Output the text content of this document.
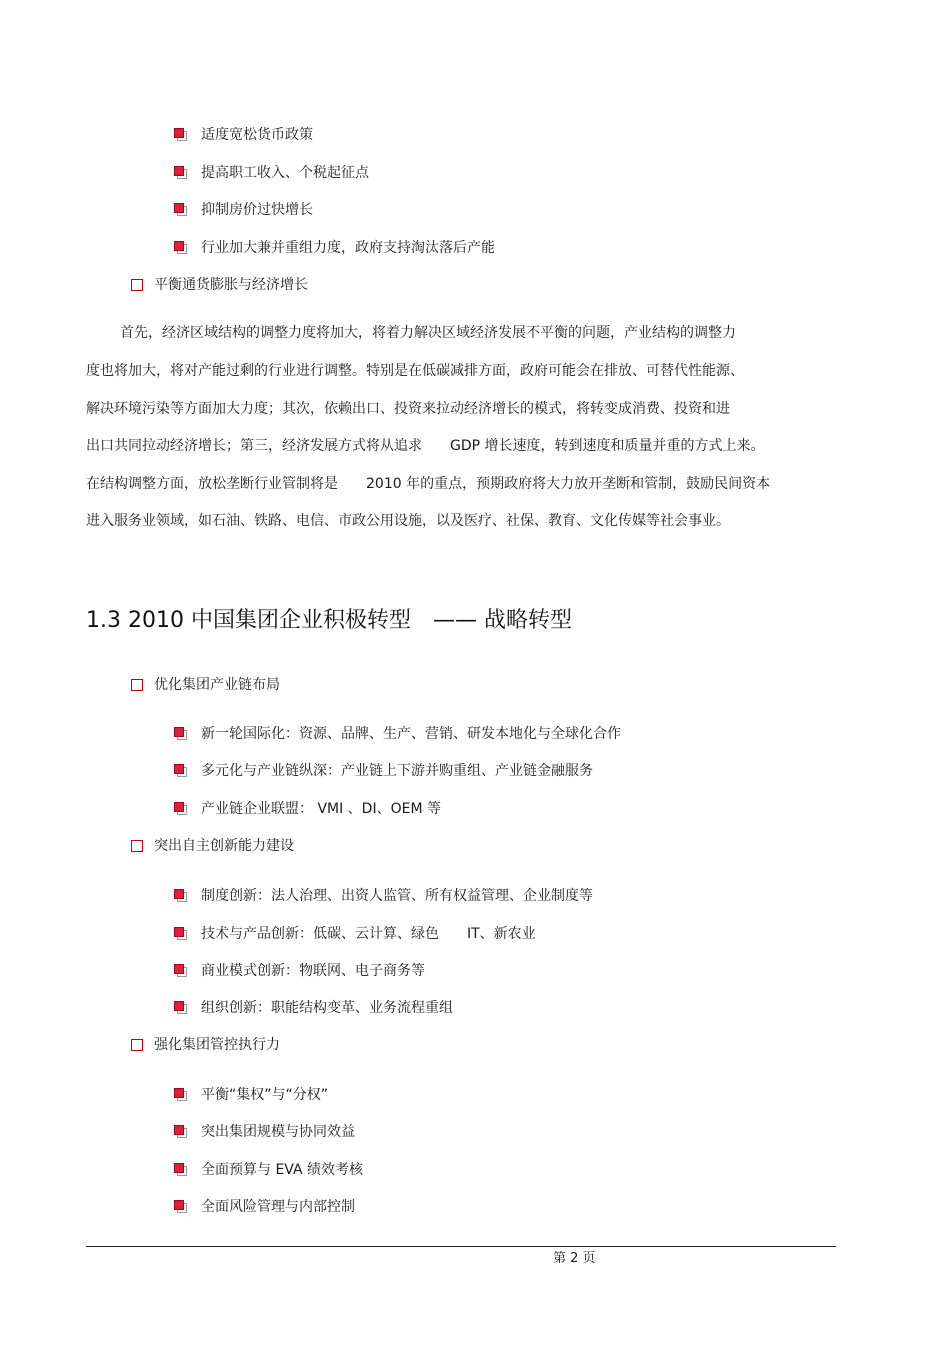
适度宽松货币政策
提高职工收入、个税起征点
抑制房价过快增长
行业加大兼并重组力度，政府支持淘汰落后产能
平衡通货膨胀与经济增长
首先，经济区域结构的调整力度将加大，将着力解决区域经济发展不平衡的问题，产业结构的调整力
度也将加大，将对产能过剩的行业进行调整。特别是在低碳减排方面，政府可能会在排放、可替代性能源、
解决环境污染等方面加大力度；其次，依赖出口、投资来拉动经济增长的模式，将转变成消费、投资和进
出口共同拉动经济增长；第三，经济发展方式将从追求　　GDP 增长速度，转到速度和质量并重的方式上来。
在结构调整方面，放松垄断行业管制将是　　2010 年的重点，预期政府将大力放开垄断和管制，鼓励民间资本
进入服务业领域，如石油、铁路、电信、市政公用设施，以及医疗、社保、教育、文化传媒等社会事业。
1.3 2010 中国集团企业积极转型　—— 战略转型
优化集团产业链布局
新一轮国际化：资源、品牌、生产、营销、研发本地化与全球化合作
多元化与产业链纵深：产业链上下游并购重组、产业链金融服务
产业链企业联盟： VMI 、DI、OEM 等
突出自主创新能力建设
制度创新：法人治理、出资人监管、所有权益管理、企业制度等
技术与产品创新：低碳、云计算、绿色　　IT、新农业
商业模式创新：物联网、电子商务等
组织创新：职能结构变革、业务流程重组
强化集团管控执行力
平衡“集权”与“分权”
突出集团规模与协同效益
全面预算与 EVA 绩效考核
全面风险管理与内部控制
第 2 页
